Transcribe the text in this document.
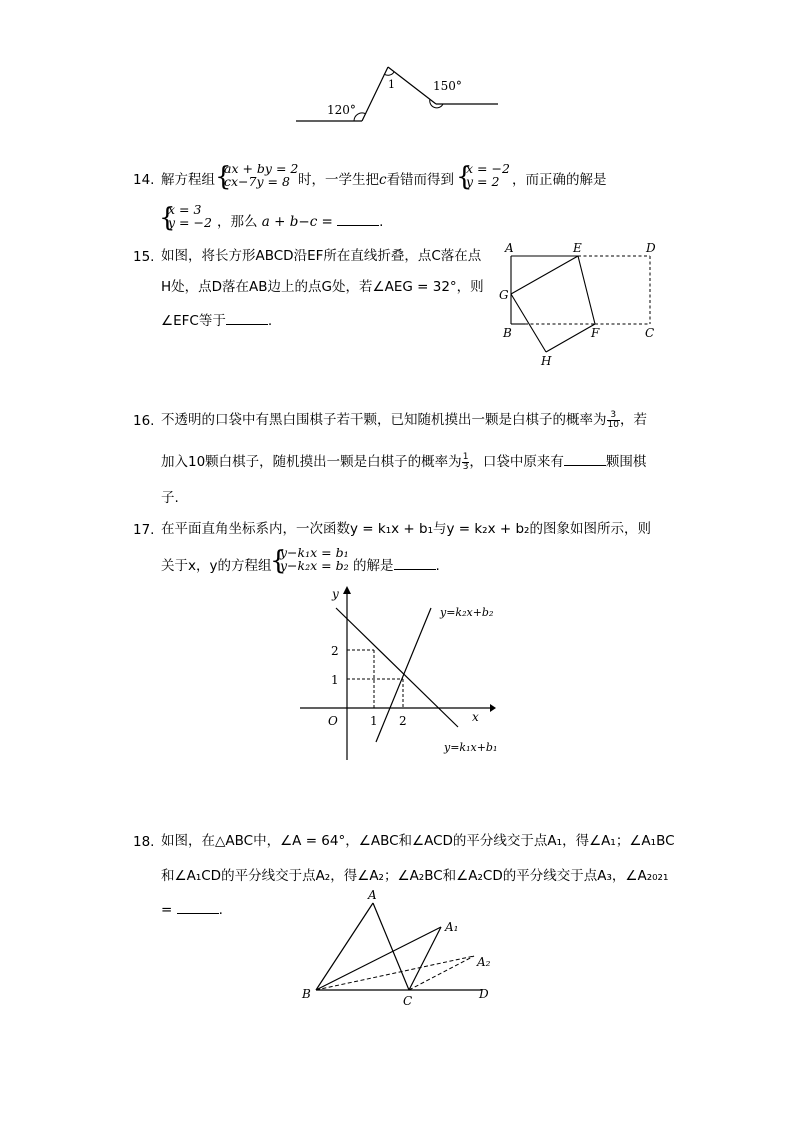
120°
1	150°
14. 解方程组 {
ax + by = 2
cx−7y = 8 时，一学生把c看错而得到 {
x = −2
y = 2 ，而正确的解是
{
x = 3
y = −2 ，那么 a + b−c =	.
15. 如图，将长方形ABCD沿EF所在直线折叠，点C落在点
H处，点D落在AB边上的点G处，若∠AEG = 32°，则
∠EFC等于	.
A	E	D
G
B	F	C
H
16. 不透明的口袋中有黑白围棋子若干颗，已知随机摸出一颗是白棋子的概率为 $\frac{3}{10}$ ，若
加入10颗白棋子，随机摸出一颗是白棋子的概率为 $\frac{1}{3}$ ，口袋中原来有	颗围棋
子.
17. 在平面直角坐标系内，一次函数y = k₁x + b₁与y = k₂x + b₂的图象如图所示，则
关于x，y的方程组
{
y−k₁x = b₁
y−k₂x = b₂ 的解是	.
y
x
O	1 2
1
2
y=k₂x+b₂
y=k₁x+b₁
18. 如图，在△ABC中，∠A = 64°，∠ABC和∠ACD的平分线交于点A₁，得∠A₁；∠A₁BC
和∠A₁CD的平分线交于点A₂，得∠A₂；∠A₂BC和∠A₂CD的平分线交于点A₃，∠A₂₀₂₁
=	.
A
A₁
A₂
B	C	D
